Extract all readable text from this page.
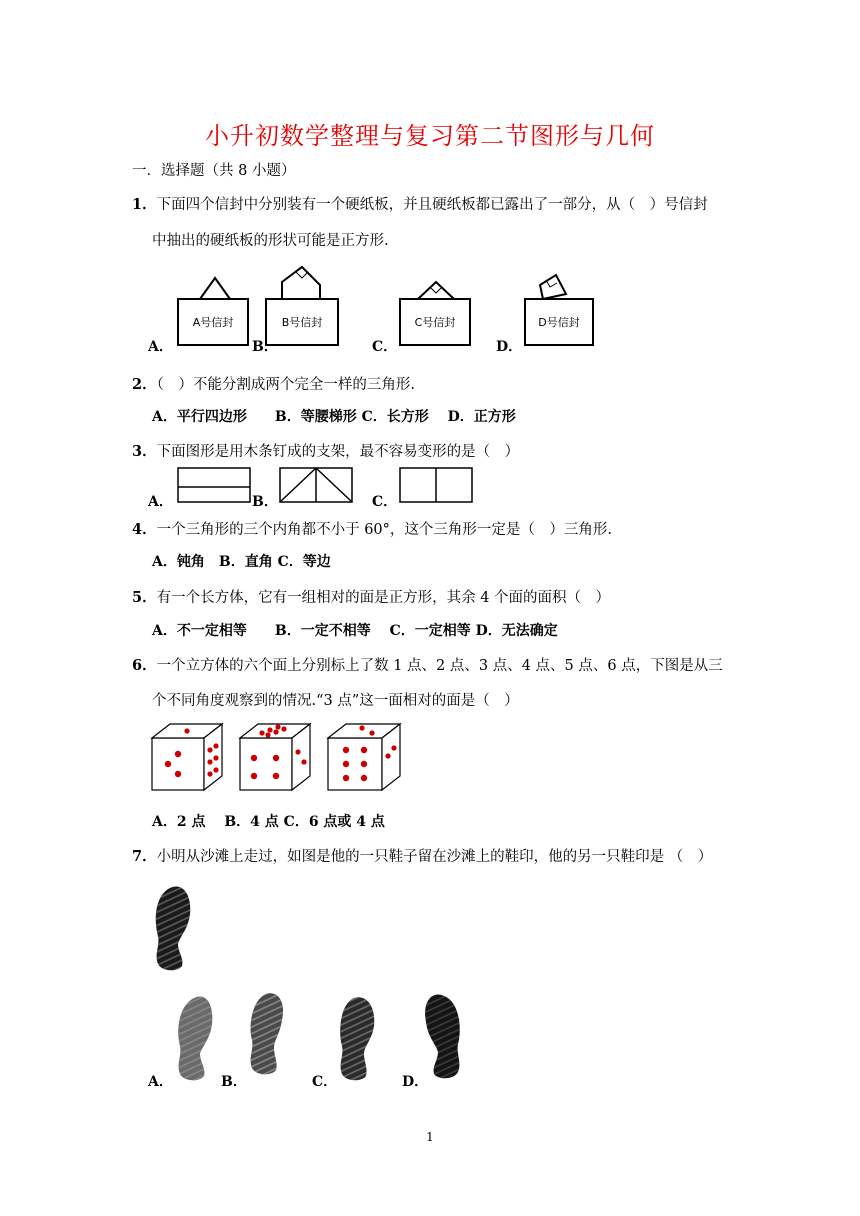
小升初数学整理与复习第二节图形与几何
一．选择题（共 8 小题）
1．下面四个信封中分别装有一个硬纸板，并且硬纸板都已露出了一部分，从（　）号信封
中抽出的硬纸板的形状可能是正方形.
A号信封	B号信封	C号信封	D号信封
A．	B．	C．	D．
2．（　）不能分割成两个完全一样的三角形.
A．平行四边形　　B．等腰梯形 C．长方形　 D．正方形
3．下面图形是用木条钉成的支架，最不容易变形的是（　）
A．	B．	C．
4．一个三角形的三个内角都不小于 60°，这个三角形一定是（　）三角形.
A．钝角　B．直角 C．等边
5．有一个长方体，它有一组相对的面是正方形，其余 4 个面的面积（　）
A．不一定相等　　B．一定不相等　 C．一定相等 D．无法确定
6．一个立方体的六个面上分别标上了数 1 点、2 点、3 点、4 点、5 点、6 点，下图是从三
个不同角度观察到的情况.“3 点”这一面相对的面是（　）
A．2 点　 B．4 点 C．6 点或 4 点
7．小明从沙滩上走过，如图是他的一只鞋子留在沙滩上的鞋印，他的另一只鞋印是 （　）
A．	B．	C．	D．
1
